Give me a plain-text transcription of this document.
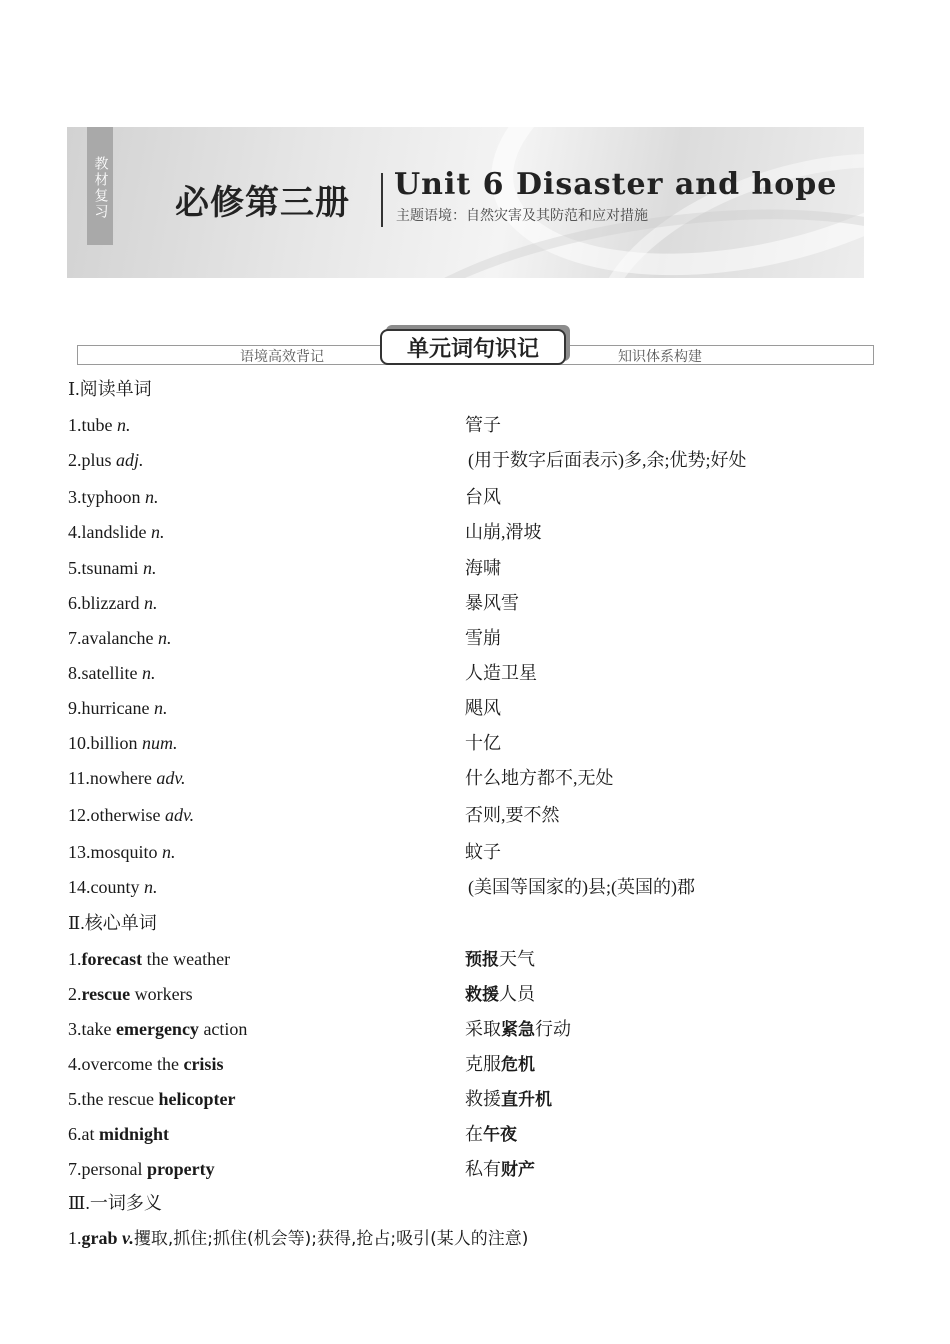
教材复习 必修第三册 Unit 6 Disaster and hope
主题语境：自然灾害及其防范和应对措施
语境高效背记	知识体系构建
单元词句识记
Ⅰ.阅读单词
1.tube n.	管子
2.plus adj.	(用于数字后面表示)多,余;优势;好处
3.typhoon n.	台风
4.landslide n.	山崩,滑坡
5.tsunami n.	海啸
6.blizzard n.	暴风雪
7.avalanche n.	雪崩
8.satellite n.	人造卫星
9.hurricane n.	飓风
10.billion num.	十亿
11.nowhere adv.	什么地方都不,无处
12.otherwise adv.	否则,要不然
13.mosquito n.	蚊子
14.county n.	(美国等国家的)县;(英国的)郡
Ⅱ.核心单词
1.forecast the weather	预报天气
2.rescue workers	救援人员
3.take emergency action	采取紧急行动
4.overcome the crisis	克服危机
5.the rescue helicopter	救援直升机
6.at midnight	在午夜
7.personal property	私有财产
Ⅲ.一词多义
1.grab v.攫取,抓住;抓住(机会等);获得,抢占;吸引(某人的注意)
